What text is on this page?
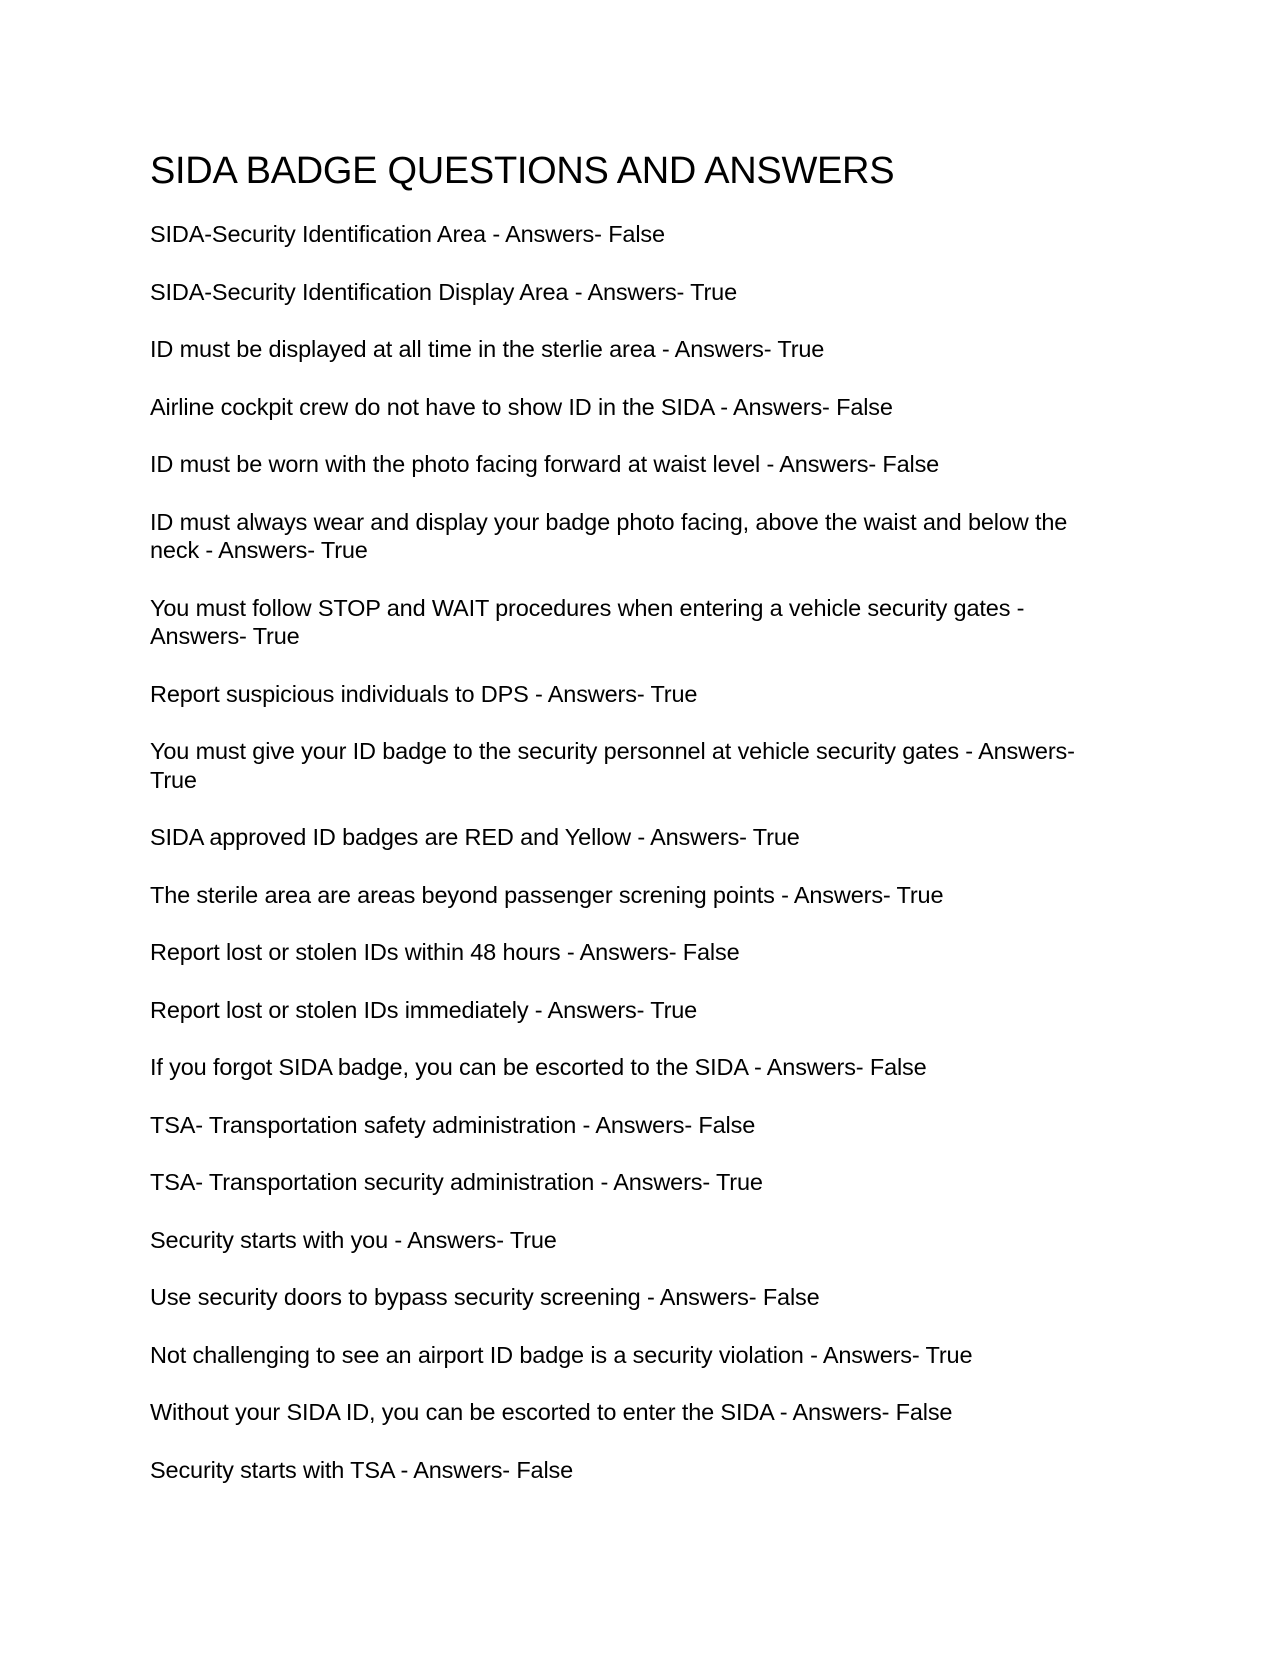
SIDA BADGE QUESTIONS AND ANSWERS
SIDA-Security Identification Area - Answers- False
SIDA-Security Identification Display Area - Answers- True
ID must be displayed at all time in the sterlie area - Answers- True
Airline cockpit crew do not have to show ID in the SIDA - Answers- False
ID must be worn with the photo facing forward at waist level - Answers- False
ID must always wear and display your badge photo facing, above the waist and below the neck - Answers- True
You must follow STOP and WAIT procedures when entering a vehicle security gates - Answers- True
Report suspicious individuals to DPS - Answers- True
You must give your ID badge to the security personnel at vehicle security gates - Answers- True
SIDA approved ID badges are RED and Yellow - Answers- True
The sterile area are areas beyond passenger screning points - Answers- True
Report lost or stolen IDs within 48 hours - Answers- False
Report lost or stolen IDs immediately - Answers- True
If you forgot SIDA badge, you can be escorted to the SIDA - Answers- False
TSA- Transportation safety administration - Answers- False
TSA- Transportation security administration - Answers- True
Security starts with you - Answers- True
Use security doors to bypass security screening - Answers- False
Not challenging to see an airport ID badge is a security violation - Answers- True
Without your SIDA ID, you can be escorted to enter the SIDA - Answers- False
Security starts with TSA - Answers- False
